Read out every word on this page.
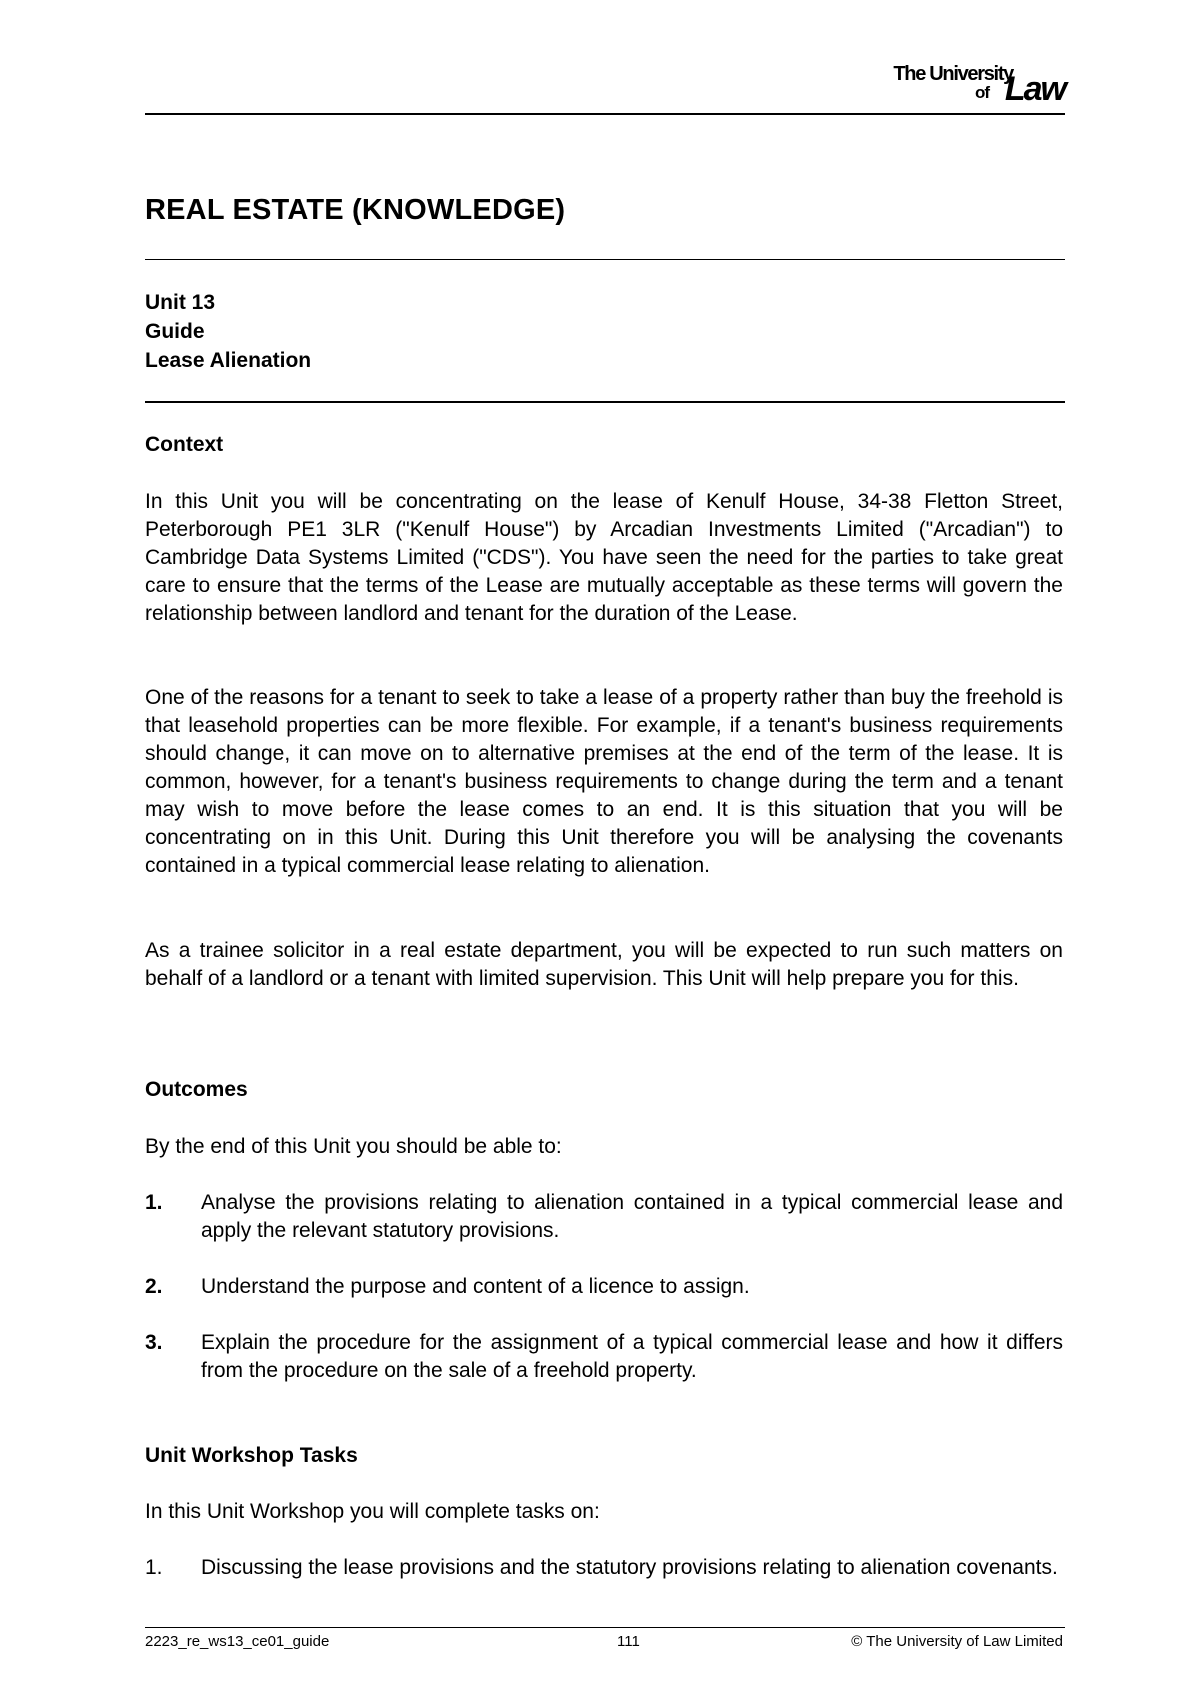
The University
of Law
REAL ESTATE (KNOWLEDGE)
Unit 13
Guide
Lease Alienation
Context
In this Unit you will be concentrating on the lease of Kenulf House, 34-38 Fletton Street, Peterborough PE1 3LR ("Kenulf House") by Arcadian Investments Limited ("Arcadian") to Cambridge Data Systems Limited ("CDS"). You have seen the need for the parties to take great care to ensure that the terms of the Lease are mutually acceptable as these terms will govern the relationship between landlord and tenant for the duration of the Lease.
One of the reasons for a tenant to seek to take a lease of a property rather than buy the freehold is that leasehold properties can be more flexible. For example, if a tenant's business requirements should change, it can move on to alternative premises at the end of the term of the lease. It is common, however, for a tenant's business requirements to change during the term and a tenant may wish to move before the lease comes to an end. It is this situation that you will be concentrating on in this Unit. During this Unit therefore you will be analysing the covenants contained in a typical commercial lease relating to alienation.
As a trainee solicitor in a real estate department, you will be expected to run such matters on behalf of a landlord or a tenant with limited supervision. This Unit will help prepare you for this.
Outcomes
By the end of this Unit you should be able to:
1. Analyse the provisions relating to alienation contained in a typical commercial lease and apply the relevant statutory provisions.
2. Understand the purpose and content of a licence to assign.
3. Explain the procedure for the assignment of a typical commercial lease and how it differs from the procedure on the sale of a freehold property.
Unit Workshop Tasks
In this Unit Workshop you will complete tasks on:
1. Discussing the lease provisions and the statutory provisions relating to alienation covenants.
2223_re_ws13_ce01_guide	111	© The University of Law Limited
